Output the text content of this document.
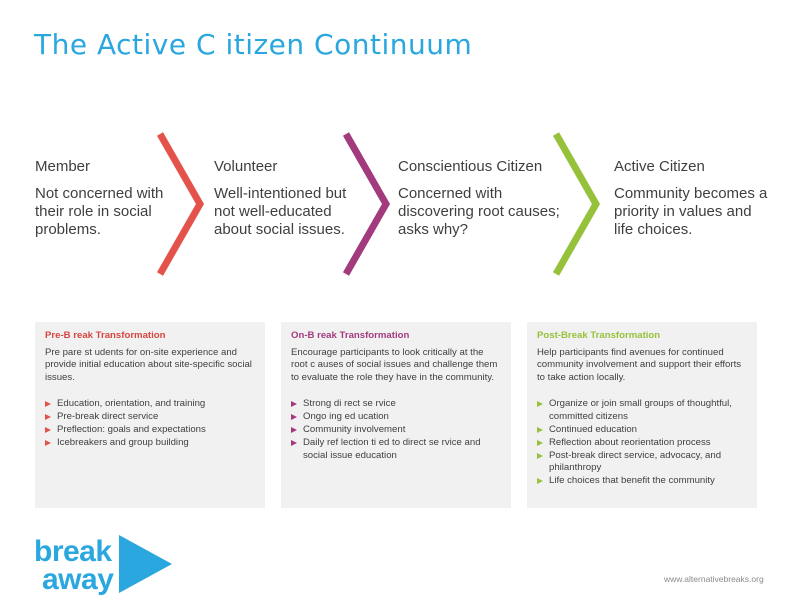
The Active C itizen Continuum
Member
Not concerned with their role in social problems.
Volunteer
Well-intentioned but not well-educated about social issues.
Conscientious Citizen
Concerned with discovering root causes; asks why?
Active Citizen
Community becomes a priority in values and life choices.
Pre-B reak Transformation
Pre pare st udents for on-site experience and provide initial education about site-specific social issues.
Education, orientation, and training
Pre-break direct service
Preflection: goals and expectations
Icebreakers and group building
On-B reak Transformation
Encourage participants to look critically at the root c auses of social issues and challenge them to evaluate the role they have in the community.
Strong di rect se rvice
Ongo ing ed ucation
Community involvement
Daily ref lection ti ed to direct se rvice and social issue education
Post-Break Transformation
Help participants find avenues for continued community involvement and support their efforts to take action locally.
Organize or join small groups of thoughtful, committed citizens
Continued education
Reflection about reorientation process
Post-break direct service, advocacy, and philanthropy
Life choices that benefit the community
break
away	www.alternativebreaks.org
